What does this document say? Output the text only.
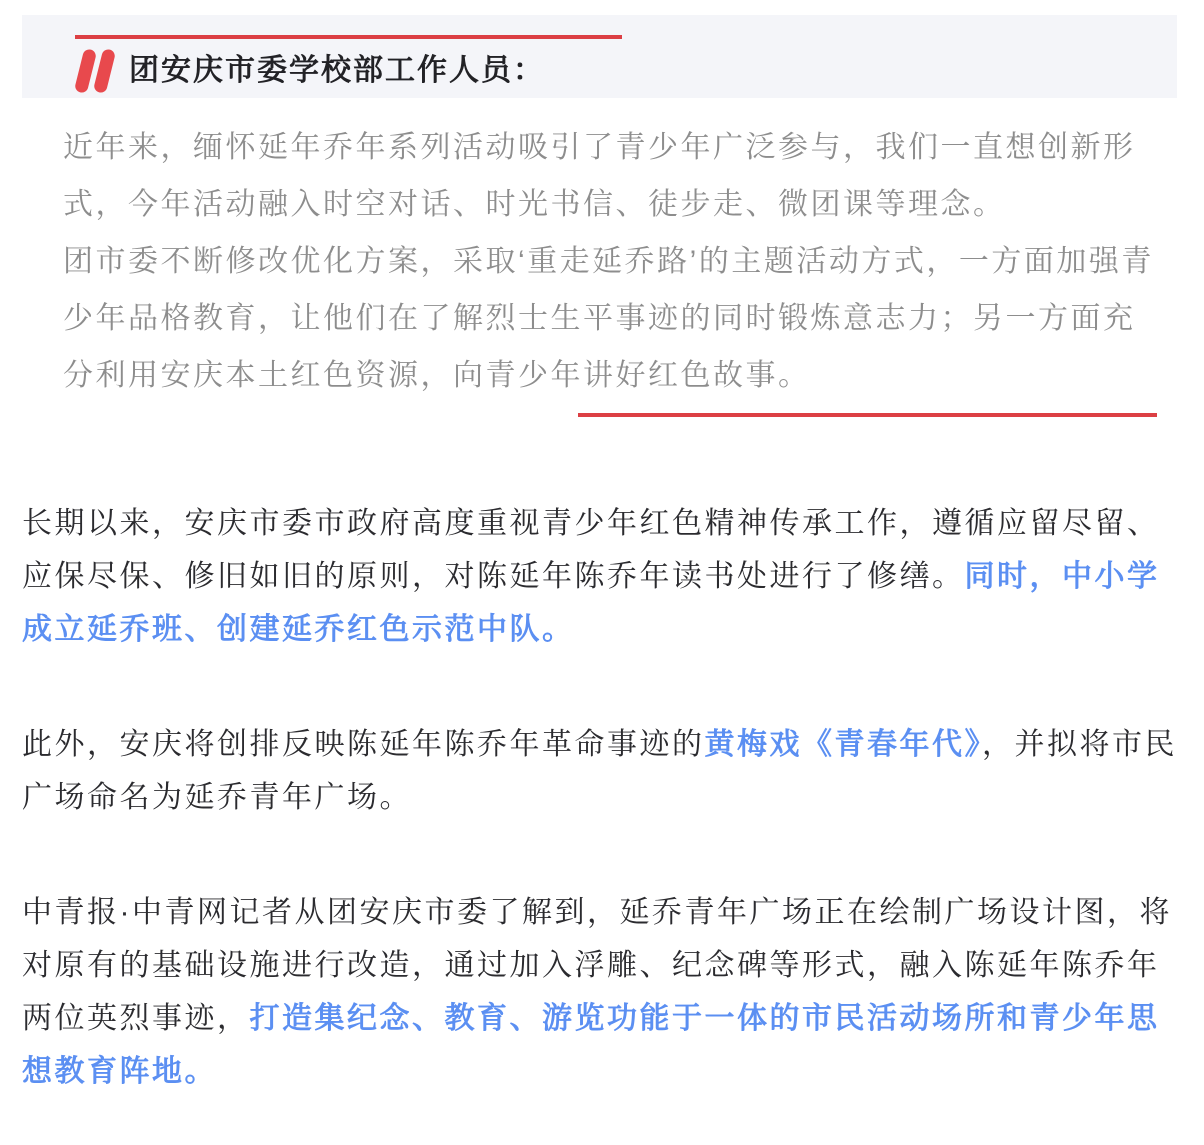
团安庆市委学校部工作人员：

近年来，缅怀延年乔年系列活动吸引了青少年广泛参与，我们一直想创新形式，今年活动融入时空对话、时光书信、徒步走、微团课等理念。

团市委不断修改优化方案，采取‘重走延乔路’的主题活动方式，一方面加强青少年品格教育，让他们在了解烈士生平事迹的同时锻炼意志力；另一方面充分利用安庆本土红色资源，向青少年讲好红色故事。

长期以来，安庆市委市政府高度重视青少年红色精神传承工作，遵循应留尽留、应保尽保、修旧如旧的原则，对陈延年陈乔年读书处进行了修缮。同时，中小学成立延乔班、创建延乔红色示范中队。

此外，安庆将创排反映陈延年陈乔年革命事迹的黄梅戏《青春年代》，并拟将市民广场命名为延乔青年广场。

中青报·中青网记者从团安庆市委了解到，延乔青年广场正在绘制广场设计图，将对原有的基础设施进行改造，通过加入浮雕、纪念碑等形式，融入陈延年陈乔年两位英烈事迹，打造集纪念、教育、游览功能于一体的市民活动场所和青少年思想教育阵地。
